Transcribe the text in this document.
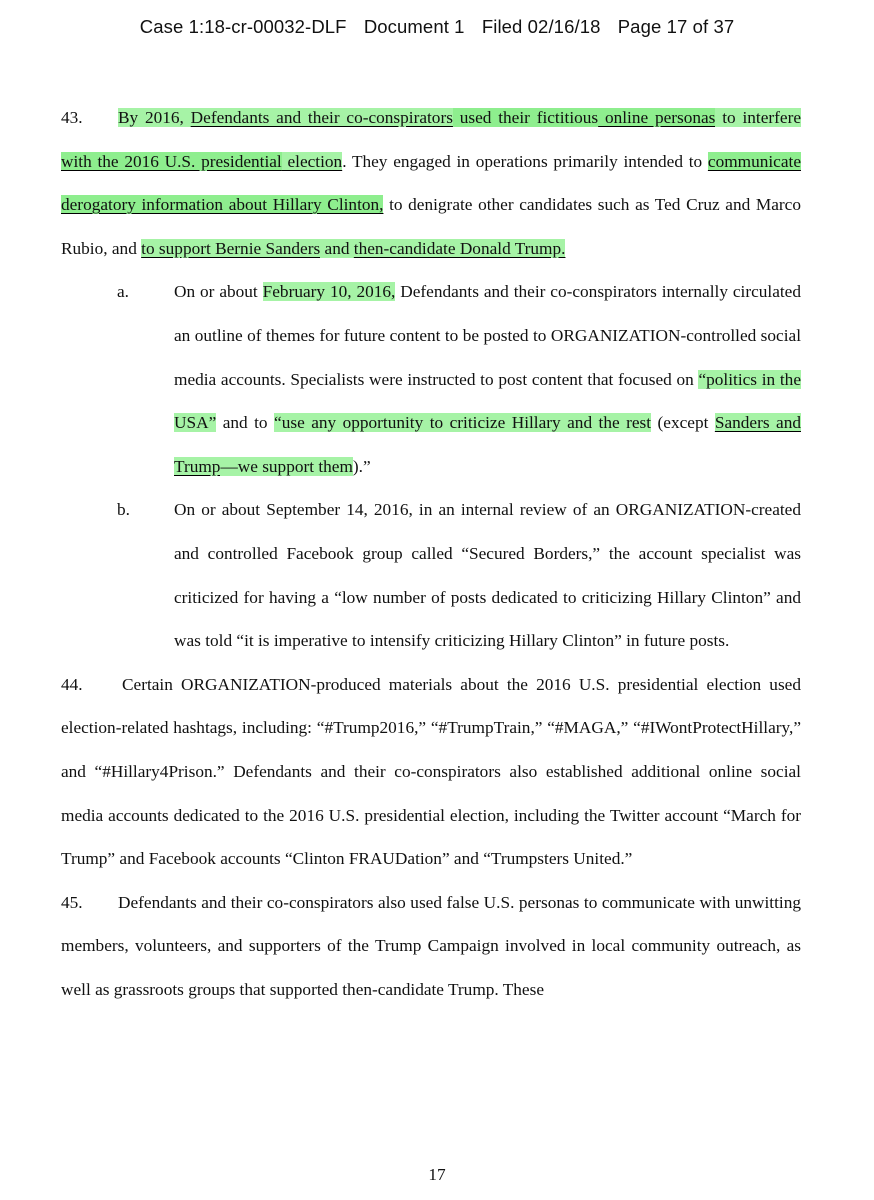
Case 1:18-cr-00032-DLF Document 1 Filed 02/16/18 Page 17 of 37

43. By 2016, Defendants and their co-conspirators used their fictitious online personas to interfere with the 2016 U.S. presidential election. They engaged in operations primarily intended to communicate derogatory information about Hillary Clinton, to denigrate other candidates such as Ted Cruz and Marco Rubio, and to support Bernie Sanders and then-candidate Donald Trump.

a.	On or about February 10, 2016, Defendants and their co-conspirators internally circulated an outline of themes for future content to be posted to ORGANIZATION-controlled social media accounts. Specialists were instructed to post content that focused on “politics in the USA” and to “use any opportunity to criticize Hillary and the rest (except Sanders and Trump—we support them).”

b.	On or about September 14, 2016, in an internal review of an ORGANIZATION-created and controlled Facebook group called “Secured Borders,” the account specialist was criticized for having a “low number of posts dedicated to criticizing Hillary Clinton” and was told “it is imperative to intensify criticizing Hillary Clinton” in future posts.

44. Certain ORGANIZATION-produced materials about the 2016 U.S. presidential election used election-related hashtags, including: “#Trump2016,” “#TrumpTrain,” “#MAGA,” “#IWontProtectHillary,” and “#Hillary4Prison.” Defendants and their co-conspirators also established additional online social media accounts dedicated to the 2016 U.S. presidential election, including the Twitter account “March for Trump” and Facebook accounts “Clinton FRAUDation” and “Trumpsters United.”

45. Defendants and their co-conspirators also used false U.S. personas to communicate with unwitting members, volunteers, and supporters of the Trump Campaign involved in local community outreach, as well as grassroots groups that supported then-candidate Trump. These

17
